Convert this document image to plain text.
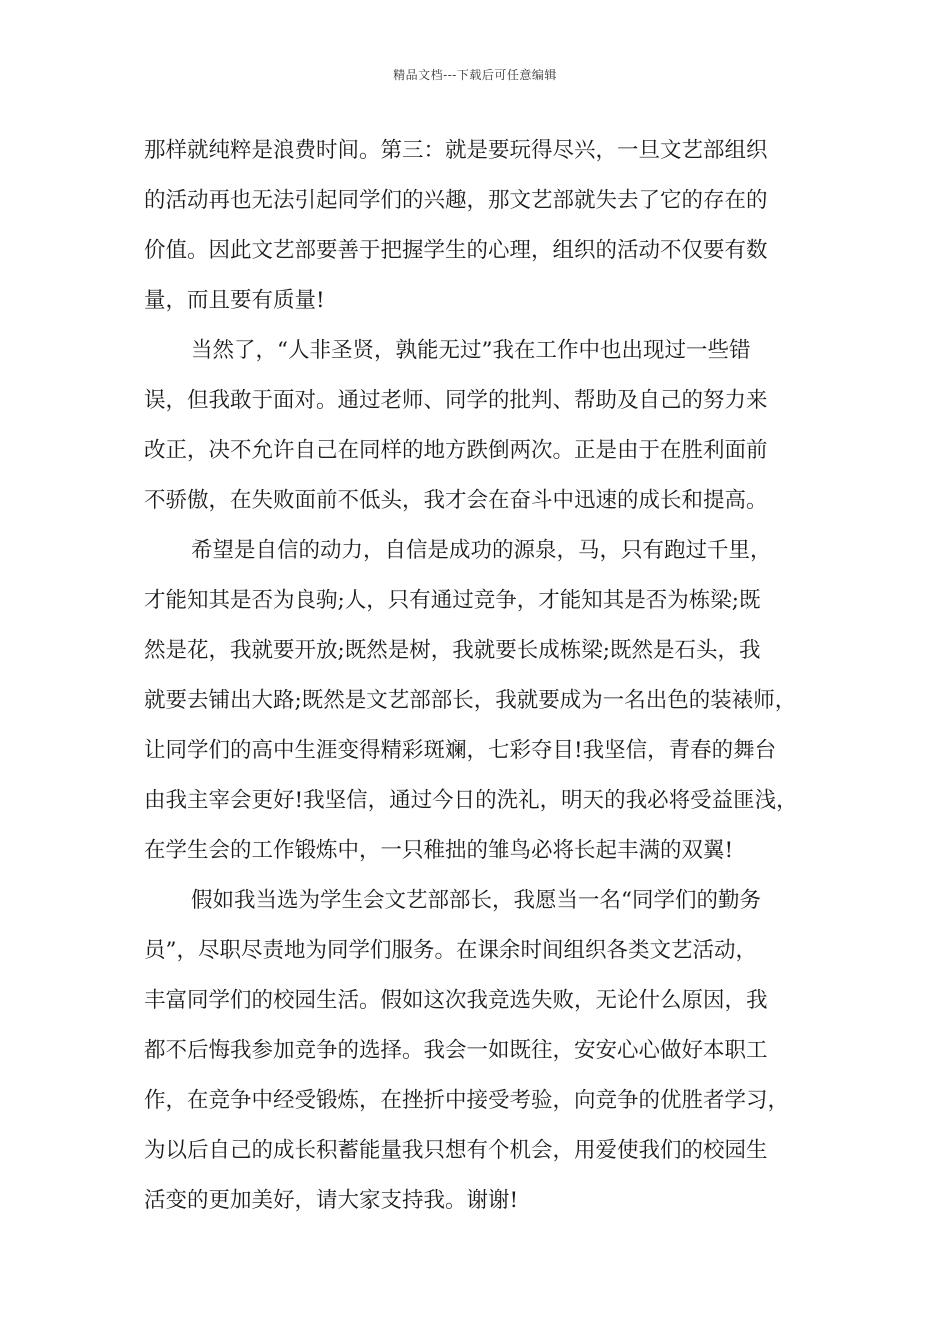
精品文档---下载后可任意编辑
那样就纯粹是浪费时间。第三：就是要玩得尽兴，一旦文艺部组织
的活动再也无法引起同学们的兴趣，那文艺部就失去了它的存在的
价值。因此文艺部要善于把握学生的心理，组织的活动不仅要有数
量，而且要有质量!
当然了，“人非圣贤，孰能无过”我在工作中也出现过一些错
误，但我敢于面对。通过老师、同学的批判、帮助及自己的努力来
改正，决不允许自己在同样的地方跌倒两次。正是由于在胜利面前
不骄傲，在失败面前不低头，我才会在奋斗中迅速的成长和提高。
希望是自信的动力，自信是成功的源泉，马，只有跑过千里，
才能知其是否为良驹;人，只有通过竞争，才能知其是否为栋梁;既
然是花，我就要开放;既然是树，我就要长成栋梁;既然是石头，我
就要去铺出大路;既然是文艺部部长，我就要成为一名出色的装裱师，
让同学们的高中生涯变得精彩斑斓，七彩夺目!我坚信，青春的舞台
由我主宰会更好!我坚信，通过今日的洗礼，明天的我必将受益匪浅，
在学生会的工作锻炼中，一只稚拙的雏鸟必将长起丰满的双翼!
假如我当选为学生会文艺部部长，我愿当一名“同学们的勤务
员”，尽职尽责地为同学们服务。在课余时间组织各类文艺活动，
丰富同学们的校园生活。假如这次我竞选失败，无论什么原因，我
都不后悔我参加竞争的选择。我会一如既往，安安心心做好本职工
作，在竞争中经受锻炼，在挫折中接受考验，向竞争的优胜者学习，
为以后自己的成长积蓄能量我只想有个机会，用爱使我们的校园生
活变的更加美好，请大家支持我。谢谢!
